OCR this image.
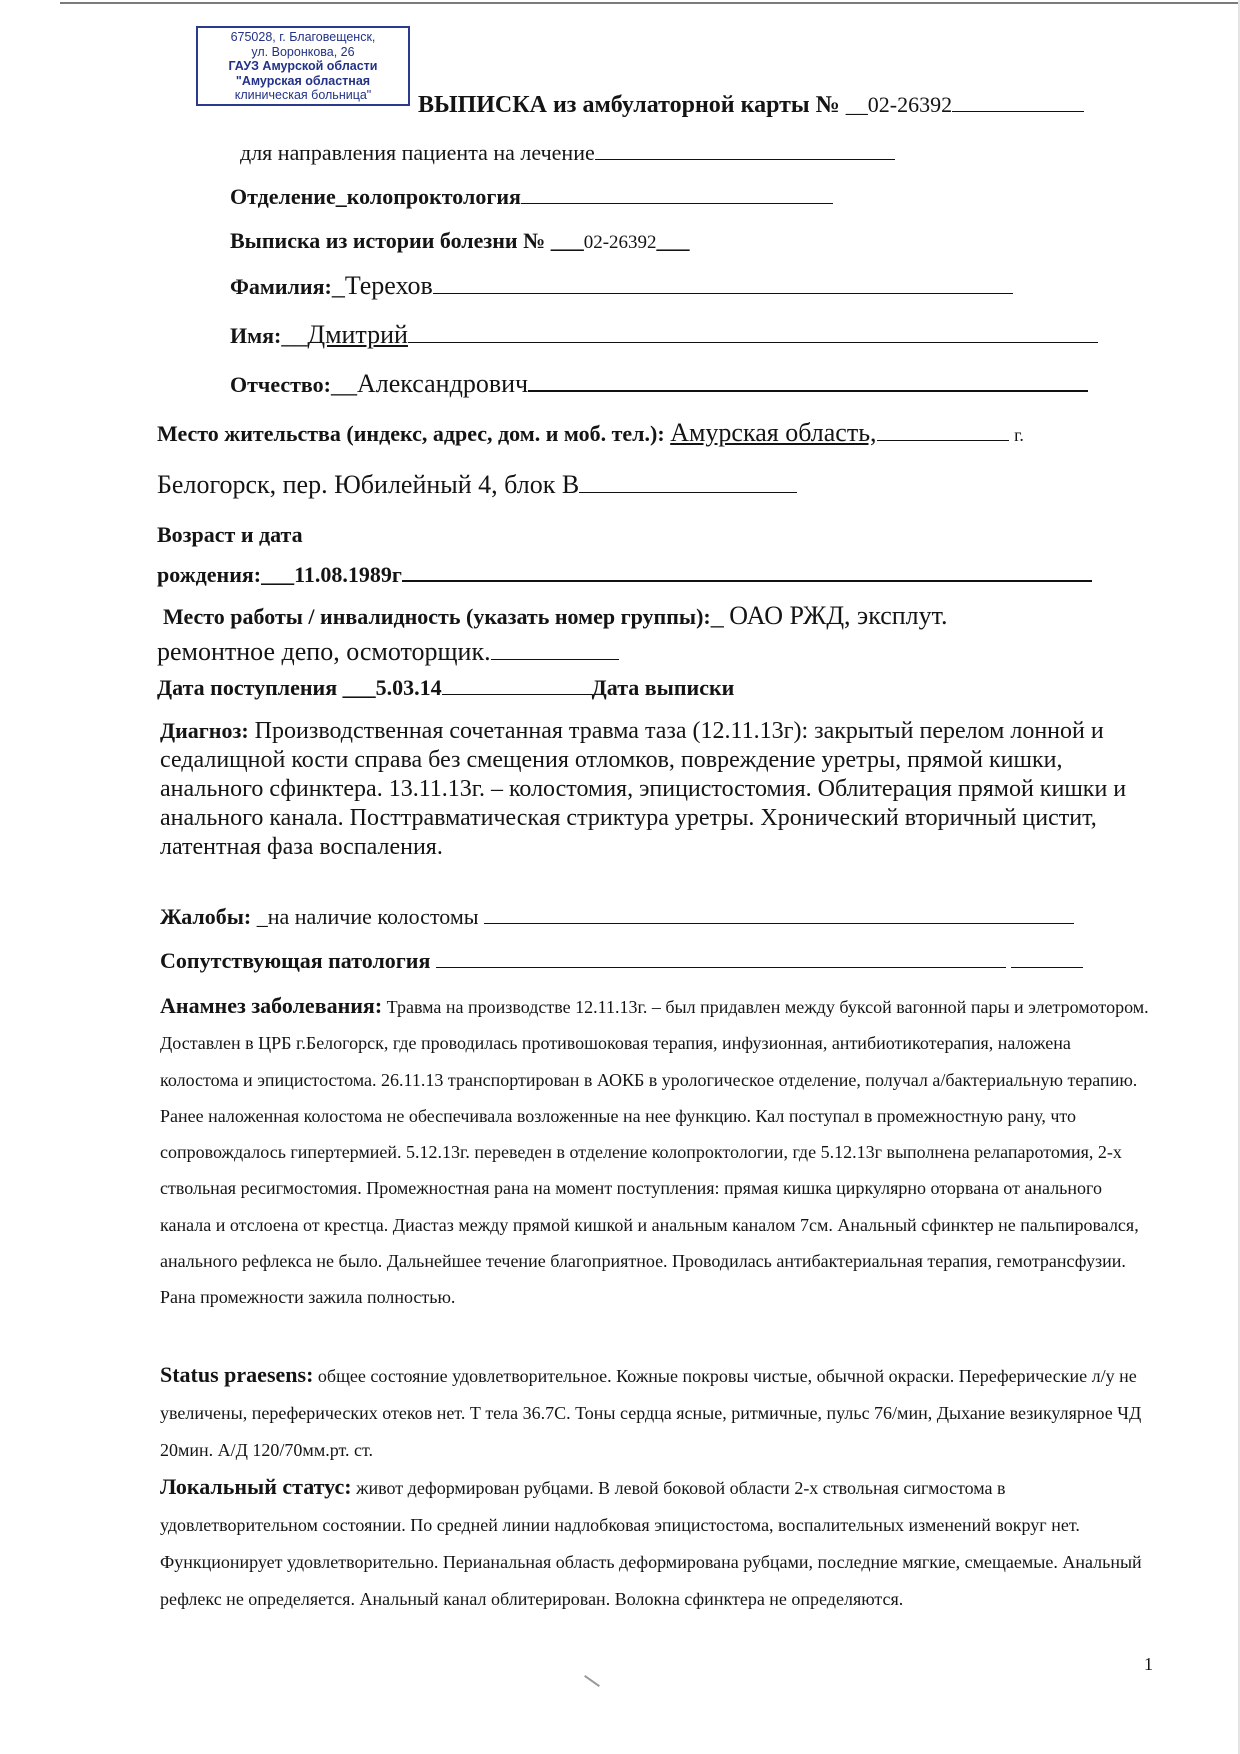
675028, г. Благовещенск,
ул. Воронкова, 26
ГАУЗ Амурской области
"Амурская областная
клиническая больница"	ВЫПИСКА из амбулаторной карты № __02-26392
для направления пациента на лечение
Отделение_колопроктология
Выписка из истории болезни № ___02-26392___
Фамилия:_Терехов
Имя:__Дмитрий
Отчество:__Александрович
Место жительства (индекс, адрес, дом. и моб. тел.): Амурская область,	г.
Белогорск, пер. Юбилейный 4, блок В
Возраст и дата
рождения:___11.08.1989г
Место работы / инвалидность (указать номер группы):_ ОАО РЖД, эксплут.
ремонтное депо, осмоторщик.
Дата поступления ___5.03.14	Дата выписки
Диагноз: Производственная сочетанная травма таза (12.11.13г): закрытый перелом лонной и седалищной кости справа без смещения отломков, повреждение уретры, прямой кишки, анального сфинктера. 13.11.13г. – колостомия, эпицистостомия. Облитерация прямой кишки и анального канала. Посттравматическая стриктура уретры. Хронический вторичный цистит, латентная фаза воспаления.
Жалобы: _на наличие колостомы
Сопутствующая патология
Анамнез заболевания: Травма на производстве 12.11.13г. – был придавлен между буксой вагонной пары и элетромотором. Доставлен в ЦРБ г.Белогорск, где проводилась противошоковая терапия, инфузионная, антибиотикотерапия, наложена колостома и эпицистостома. 26.11.13 транспортирован в АОКБ в урологическое отделение, получал а/бактериальную терапию. Ранее наложенная колостома не обеспечивала возложенные на нее функцию. Кал поступал в промежностную рану, что сопровождалось гипертермией. 5.12.13г. переведен в отделение колопроктологии, где 5.12.13г выполнена релапаротомия, 2-х ствольная ресигмостомия. Промежностная рана на момент поступления: прямая кишка циркулярно оторвана от анального канала и отслоена от крестца. Диастаз между прямой кишкой и анальным каналом 7см. Анальный сфинктер не пальпировался, анального рефлекса не было. Дальнейшее течение благоприятное. Проводилась антибактериальная терапия, гемотрансфузии. Рана промежности зажила полностью.
Status praesens: общее состояние удовлетворительное. Кожные покровы чистые, обычной окраски. Переферические л/у не увеличены, переферических отеков нет. Т тела 36.7С. Тоны сердца ясные, ритмичные, пульс 76/мин, Дыхание везикулярное ЧД 20мин. А/Д 120/70мм.рт. ст.
Локальный статус: живот деформирован рубцами. В левой боковой области 2-х ствольная сигмостома в удовлетворительном состоянии. По средней линии надлобковая эпицистостома, воспалительных изменений вокруг нет. Функционирует удовлетворительно. Перианальная область деформирована рубцами, последние мягкие, смещаемые. Анальный рефлекс не определяется. Анальный канал облитерирован. Волокна сфинктера не определяются.
1
